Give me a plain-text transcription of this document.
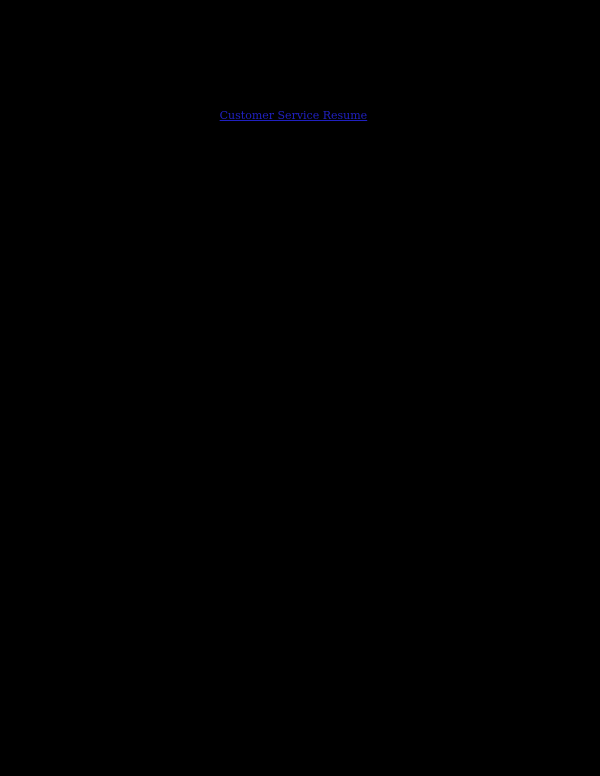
Customer Service Cover Letter Sample
(Based on this resume: Customer Service Resume)
(Manager's Name)
HR Manager
Company Name
Company Address
Date
Dear Mr./Mrs./Ms. (Manager's Name)
I am writing to your regarding your company's Customer Service
Representative opening. I have been working as a Telephone Sales
Executive at Telemarketer Auto Insurance USA for more than 2 years
now and have developed impeccable phone manners, and an ability to
deal with agitated or distressed customers. I am accustomed to working
on multiple projects simultaneously, and can offer new ideas to help
your company grow and surpass all goals and objectives.
My duties included making 60 cold calls a day to business and private
individuals to solicit sales for goods and services. During my tenure, I
implemented a new sales strategy, reducing training expenses by 30%
and increased the close ratio by 10% within 3 months.
My experience at Telemarketer Auto Insurance USA has helped me
improve my skills in leadership, allowed me to gain organizational
skills, and has provided me with extensive knowledge of how to upsell
services and goods to potential clients. I have also worked at Parade
Hotel as a Front Desk Clerk where I provided information to guests in a
150+ room hotel & trained and supervised 6 new staff members.
I am looking forward to discussing the position and my qualifications
with you in more detail soon. I feel confident that I fulfill the
requirements for the Customer Service Representative position. Thank
you for your time and consideration.
Sincerely,
Name
Address, Phone number, Email address
